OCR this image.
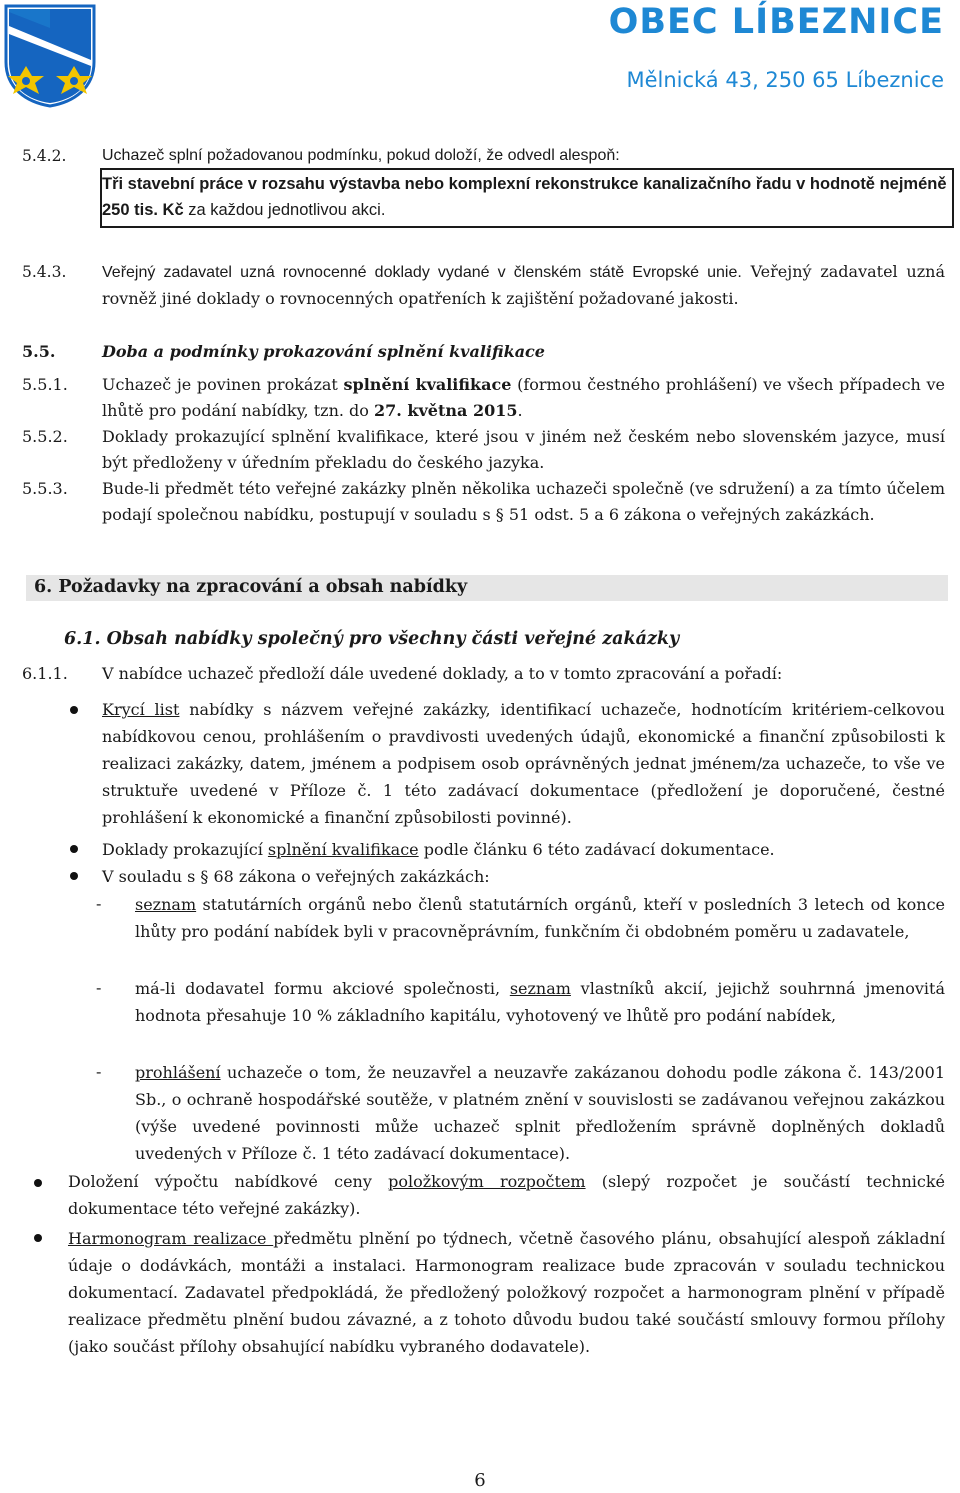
OBEC LÍBEZNICE
Mělnická 43, 250 65 Líbeznice
5.4.2. Uchazeč splní požadovanou podmínku, pokud doloží, že odvedl alespoň:
Tři stavební práce v rozsahu výstavba nebo komplexní rekonstrukce kanalizačního řadu v hodnotě nejméně 250 tis. Kč za každou jednotlivou akci.
5.4.3. Veřejný zadavatel uzná rovnocenné doklady vydané v členském státě Evropské unie. Veřejný zadavatel uzná rovněž jiné doklady o rovnocenných opatřeních k zajištění požadované jakosti.
5.5.	Doba a podmínky prokazování splnění kvalifikace
5.5.1. Uchazeč je povinen prokázat splnění kvalifikace (formou čestného prohlášení) ve všech případech ve lhůtě pro podání nabídky, tzn. do 27. května 2015.
5.5.2. Doklady prokazující splnění kvalifikace, které jsou v jiném než českém nebo slovenském jazyce, musí být předloženy v úředním překladu do českého jazyka.
5.5.3. Bude-li předmět této veřejné zakázky plněn několika uchazeči společně (ve sdružení) a za tímto účelem podají společnou nabídku, postupují v souladu s § 51 odst. 5 a 6 zákona o veřejných zakázkách.
6. Požadavky na zpracování a obsah nabídky
6.1. Obsah nabídky společný pro všechny části veřejné zakázky
6.1.1. V nabídce uchazeč předloží dále uvedené doklady, a to v tomto zpracování a pořadí:
Krycí list nabídky s názvem veřejné zakázky, identifikací uchazeče, hodnotícím kritériem-celkovou nabídkovou cenou, prohlášením o pravdivosti uvedených údajů, ekonomické a finanční způsobilosti k realizaci zakázky, datem, jménem a podpisem osob oprávněných jednat jménem/za uchazeče, to vše ve struktuře uvedené v Příloze č. 1 této zadávací dokumentace (předložení je doporučené, čestné prohlášení k ekonomické a finanční způsobilosti povinné).
Doklady prokazující splnění kvalifikace podle článku 6 této zadávací dokumentace.
V souladu s § 68 zákona o veřejných zakázkách:
- seznam statutárních orgánů nebo členů statutárních orgánů, kteří v posledních 3 letech od konce lhůty pro podání nabídek byli v pracovněprávním, funkčním či obdobném poměru u zadavatele,
- má-li dodavatel formu akciové společnosti, seznam vlastníků akcií, jejichž souhrnná jmenovitá hodnota přesahuje 10 % základního kapitálu, vyhotovený ve lhůtě pro podání nabídek,
- prohlášení uchazeče o tom, že neuzavřel a neuzavře zakázanou dohodu podle zákona č. 143/2001 Sb., o ochraně hospodářské soutěže, v platném znění v souvislosti se zadávanou veřejnou zakázkou (výše uvedené povinnosti může uchazeč splnit předložením správně doplněných dokladů uvedených v Příloze č. 1 této zadávací dokumentace).
Doložení výpočtu nabídkové ceny položkovým rozpočtem (slepý rozpočet je součástí technické dokumentace této veřejné zakázky).
Harmonogram realizace předmětu plnění po týdnech, včetně časového plánu, obsahující alespoň základní údaje o dodávkách, montáži a instalaci. Harmonogram realizace bude zpracován v souladu technickou dokumentací. Zadavatel předpokládá, že předložený položkový rozpočet a harmonogram plnění v případě realizace předmětu plnění budou závazné, a z tohoto důvodu budou také součástí smlouvy formou přílohy (jako součást přílohy obsahující nabídku vybraného dodavatele).
6
